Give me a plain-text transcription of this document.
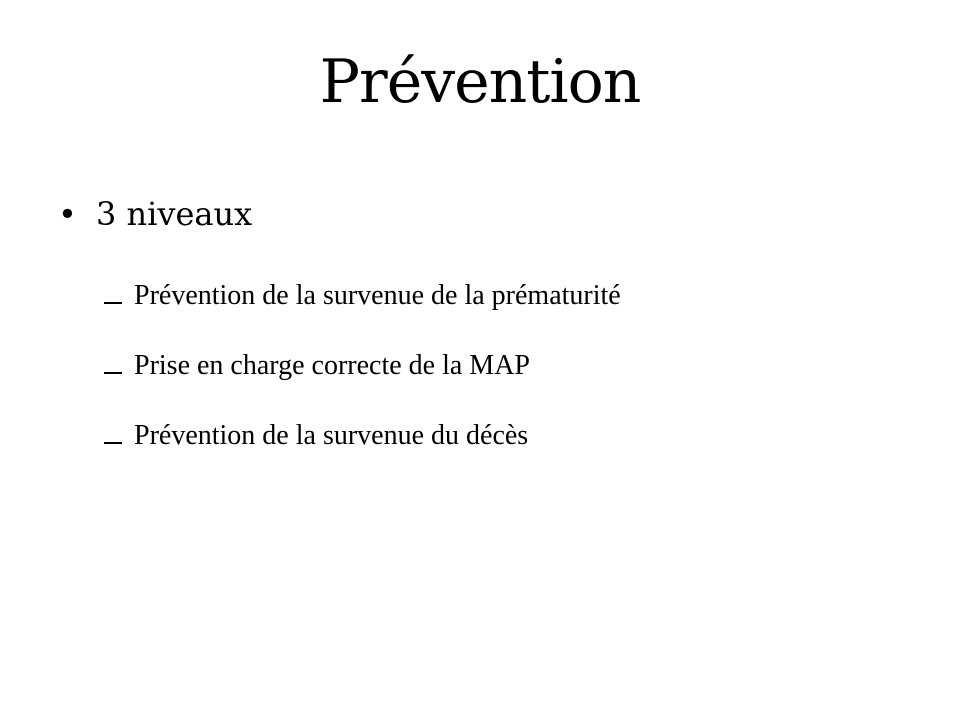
Prévention
• 3 niveaux
Prévention de la survenue de la prématurité
Prise en charge correcte de la MAP
Prévention de la survenue du décès
